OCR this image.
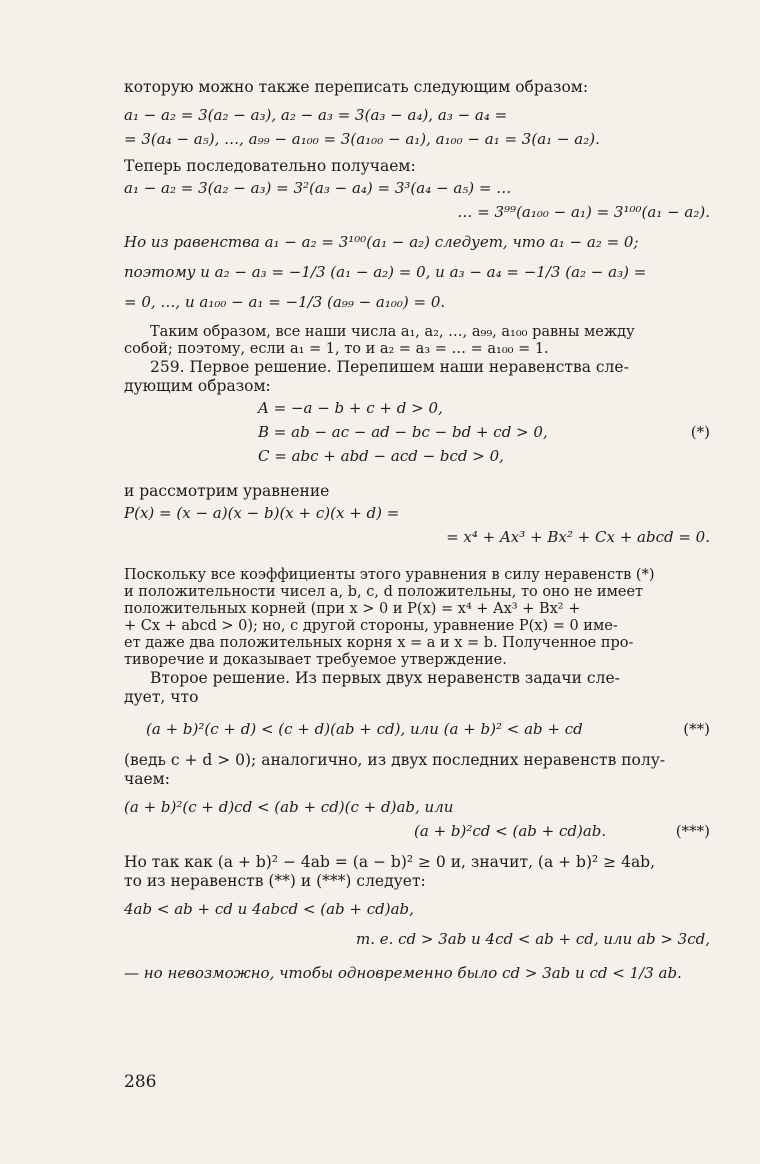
которую можно также переписать следующим образом:

a₁ − a₂ = 3(a₂ − a₃), a₂ − a₃ = 3(a₃ − a₄), a₃ − a₄ =

= 3(a₄ − a₅), …, a₉₉ − a₁₀₀ = 3(a₁₀₀ − a₁), a₁₀₀ − a₁ = 3(a₁ − a₂).

Теперь последовательно получаем:

a₁ − a₂ = 3(a₂ − a₃) = 3²(a₃ − a₄) = 3³(a₄ − a₅) = …

… = 3⁹⁹(a₁₀₀ − a₁) = 3¹⁰⁰(a₁ − a₂).

Но из равенства a₁ − a₂ = 3¹⁰⁰(a₁ − a₂) следует, что a₁ − a₂ = 0;

поэтому и a₂ − a₃ = −1/3 (a₁ − a₂) = 0, и a₃ − a₄ = −1/3 (a₂ − a₃) =

= 0, …, и a₁₀₀ − a₁ = −1/3 (a₉₉ − a₁₀₀) = 0.

Таким образом, все наши числа a₁, a₂, …, a₉₉, a₁₀₀ равны между

собой; поэтому, если a₁ = 1, то и a₂ = a₃ = … = a₁₀₀ = 1.

259. Первое решение. Перепишем наши неравенства сле-

дующим образом:

A = −a − b + c + d > 0,

B = ab − ac − ad − bc − bd + cd > 0,	(*)

C = abc + abd − acd − bcd > 0,

и рассмотрим уравнение

P(x) = (x − a)(x − b)(x + c)(x + d) =

= x⁴ + Ax³ + Bx² + Cx + abcd = 0.

Поскольку все коэффициенты этого уравнения в силу неравенств (*)

и положительности чисел a, b, c, d положительны, то оно не имеет

положительных корней (при x > 0 и P(x) = x⁴ + Ax³ + Bx² +

+ Cx + abcd > 0); но, с другой стороны, уравнение P(x) = 0 име-

ет даже два положительных корня x = a и x = b. Полученное про-

тиворечие и доказывает требуемое утверждение.

Второе решение. Из первых двух неравенств задачи сле-

дует, что

(a + b)²(c + d) < (c + d)(ab + cd), или (a + b)² < ab + cd	(**)

(ведь c + d > 0); аналогично, из двух последних неравенств полу-

чаем:

(a + b)²(c + d)cd < (ab + cd)(c + d)ab, или

(a + b)²cd < (ab + cd)ab.	(***)

Но так как (a + b)² − 4ab = (a − b)² ≥ 0 и, значит, (a + b)² ≥ 4ab,

то из неравенств (**) и (***) следует:

4ab < ab + cd и 4abcd < (ab + cd)ab,

т. е. cd > 3ab и 4cd < ab + cd, или ab > 3cd,

— но невозможно, чтобы одновременно было cd > 3ab и cd < 1/3 ab.

286
